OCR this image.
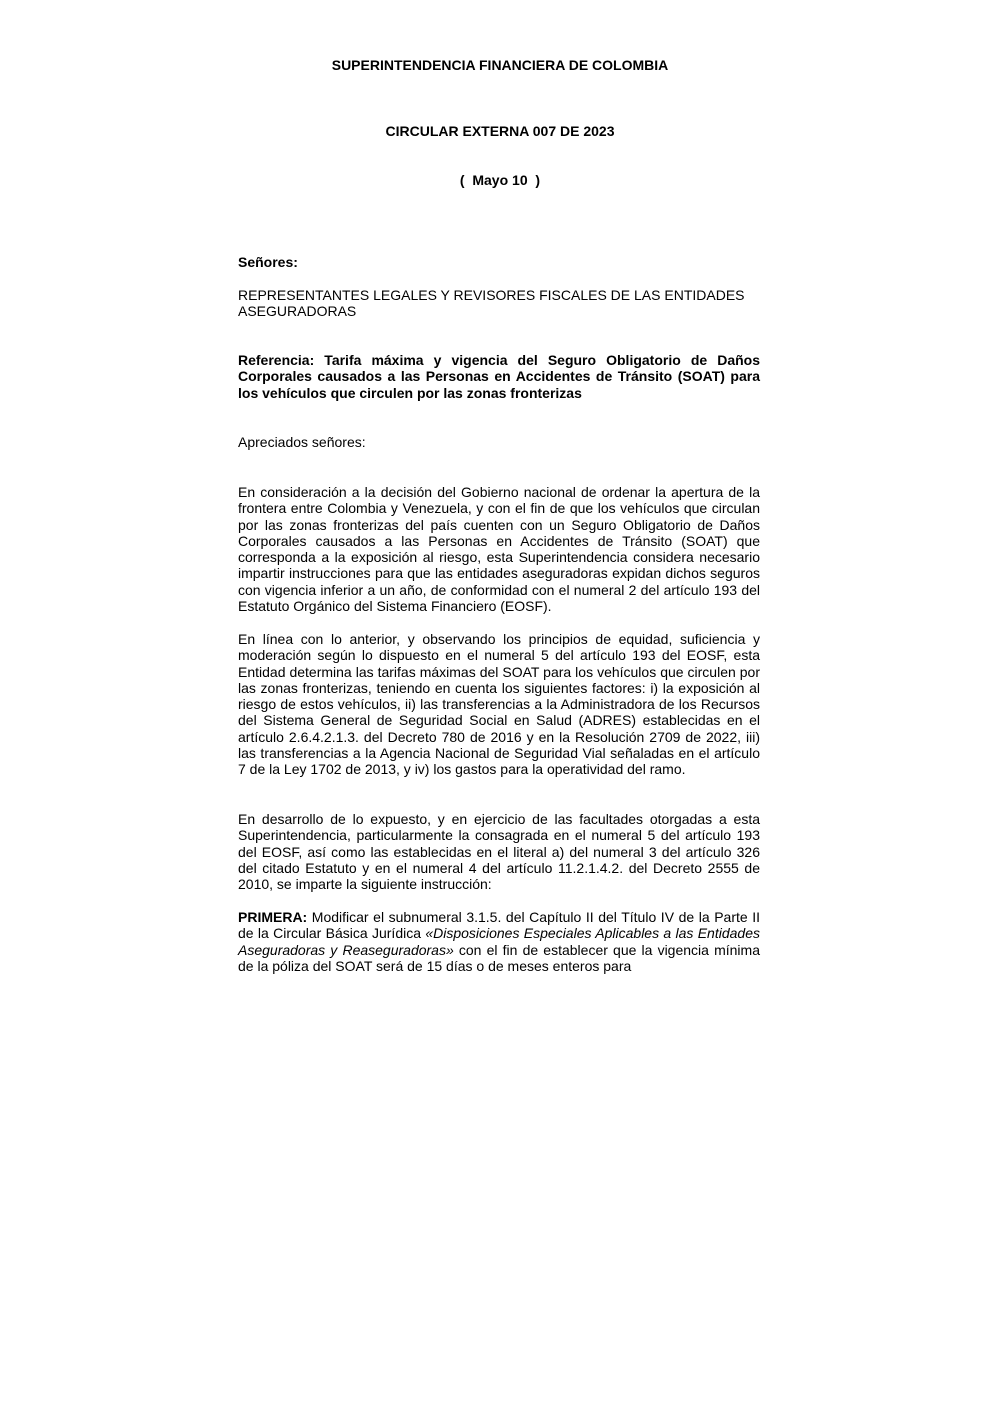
SUPERINTENDENCIA FINANCIERA DE COLOMBIA
CIRCULAR EXTERNA 007 DE 2023
(  Mayo 10  )

Señores:

REPRESENTANTES LEGALES Y REVISORES FISCALES DE LAS ENTIDADES ASEGURADORAS

Referencia: Tarifa máxima y vigencia del Seguro Obligatorio de Daños Corporales causados a las Personas en Accidentes de Tránsito (SOAT) para los vehículos que circulen por las zonas fronterizas

Apreciados señores:

En consideración a la decisión del Gobierno nacional de ordenar la apertura de la frontera entre Colombia y Venezuela, y con el fin de que los vehículos que circulan por las zonas fronterizas del país cuenten con un Seguro Obligatorio de Daños Corporales causados a las Personas en Accidentes de Tránsito (SOAT) que corresponda a la exposición al riesgo, esta Superintendencia considera necesario impartir instrucciones para que las entidades aseguradoras expidan dichos seguros con vigencia inferior a un año, de conformidad con el numeral 2 del artículo 193 del Estatuto Orgánico del Sistema Financiero (EOSF).

En línea con lo anterior, y observando los principios de equidad, suficiencia y moderación según lo dispuesto en el numeral 5 del artículo 193 del EOSF, esta Entidad determina las tarifas máximas del SOAT para los vehículos que circulen por las zonas fronterizas, teniendo en cuenta los siguientes factores: i) la exposición al riesgo de estos vehículos, ii) las transferencias a la Administradora de los Recursos del Sistema General de Seguridad Social en Salud (ADRES) establecidas en el artículo 2.6.4.2.1.3. del Decreto 780 de 2016 y en la Resolución 2709 de 2022, iii) las transferencias a la Agencia Nacional de Seguridad Vial señaladas en el artículo 7 de la Ley 1702 de 2013, y iv) los gastos para la operatividad del ramo.

En desarrollo de lo expuesto, y en ejercicio de las facultades otorgadas a esta Superintendencia, particularmente la consagrada en el numeral 5 del artículo 193 del EOSF, así como las establecidas en el literal a) del numeral 3 del artículo 326 del citado Estatuto y en el numeral 4 del artículo 11.2.1.4.2. del Decreto 2555 de 2010, se imparte la siguiente instrucción:

PRIMERA: Modificar el subnumeral 3.1.5. del Capítulo II del Título IV de la Parte II de la Circular Básica Jurídica «Disposiciones Especiales Aplicables a las Entidades Aseguradoras y Reaseguradoras» con el fin de establecer que la vigencia mínima de la póliza del SOAT será de 15 días o de meses enteros para
